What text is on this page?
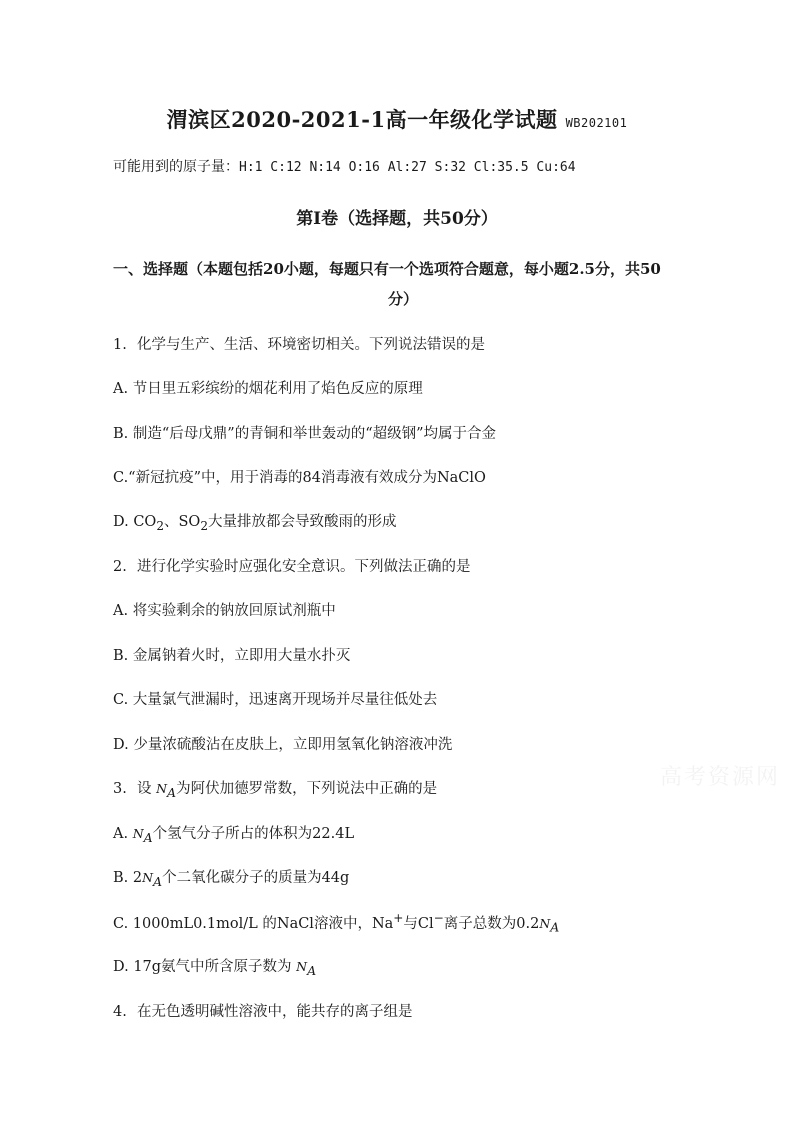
渭滨区2020-2021-1高一年级化学试题 WB202101
可能用到的原子量：H:1 C:12 N:14 O:16 Al:27 S:32 Cl:35.5 Cu:64
第Ⅰ卷（选择题，共50分）
一、选择题（本题包括20小题，每题只有一个选项符合题意，每小题2.5分，共50
分）
1. 化学与生产、生活、环境密切相关。下列说法错误的是
A. 节日里五彩缤纷的烟花利用了焰色反应的原理
B. 制造“后母戊鼎”的青铜和举世轰动的“超级钢”均属于合金
C.“新冠抗疫”中，用于消毒的84消毒液有效成分为NaClO
D. $CO_2$、$SO_2$大量排放都会导致酸雨的形成
2. 进行化学实验时应强化安全意识。下列做法正确的是
A. 将实验剩余的钠放回原试剂瓶中
B. 金属钠着火时，立即用大量水扑灭
C. 大量氯气泄漏时，迅速离开现场并尽量往低处去
D. 少量浓硫酸沾在皮肤上，立即用氢氧化钠溶液冲洗
3. 设 $N_A$为阿伏加德罗常数，下列说法中正确的是
A. $N_A$个氢气分子所占的体积为22.4L
B. $2N_A$个二氧化碳分子的质量为44g
C. 1000mL0.1mol/L 的NaCl溶液中，Na+与Cl−离子总数为$0.2N_A$
D. 17g氨气中所含原子数为 $N_A$
4. 在无色透明碱性溶液中，能共存的离子组是
高考资源网
